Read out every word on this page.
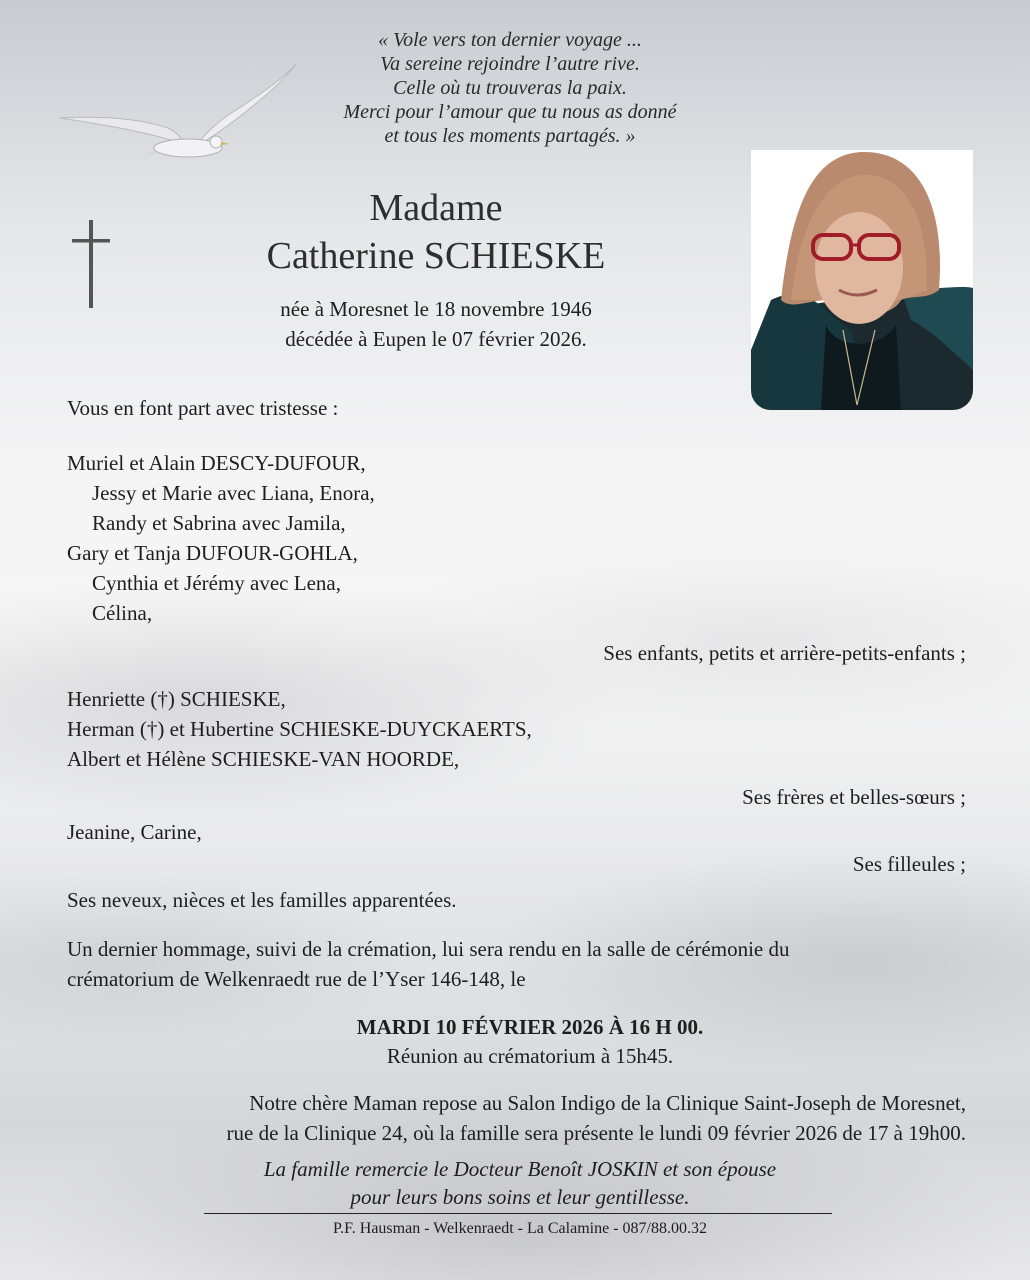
« Vole vers ton dernier voyage ...
Va sereine rejoindre l’autre rive.
Celle où tu trouveras la paix.
Merci pour l’amour que tu nous as donné
et tous les moments partagés. »
Madame
Catherine SCHIESKE
née à Moresnet le 18 novembre 1946
décédée à Eupen le 07 février 2026.
Vous en font part avec tristesse :
Muriel et Alain DESCY-DUFOUR,
Jessy et Marie avec Liana, Enora,
Randy et Sabrina avec Jamila,
Gary et Tanja DUFOUR-GOHLA,
Cynthia et Jérémy avec Lena,
Célina,
Ses enfants, petits et arrière-petits-enfants ;
Henriette (†) SCHIESKE,
Herman (†) et Hubertine SCHIESKE-DUYCKAERTS,
Albert et Hélène SCHIESKE-VAN HOORDE,
Ses frères et belles-sœurs ;
Jeanine, Carine,
Ses filleules ;
Ses neveux, nièces et les familles apparentées.
Un dernier hommage, suivi de la crémation, lui sera rendu en la salle de cérémonie du
crématorium de Welkenraedt rue de l’Yser 146-148, le
MARDI 10 FÉVRIER 2026 À 16 H 00.
Réunion au crématorium à 15h45.
Notre chère Maman repose au Salon Indigo de la Clinique Saint-Joseph de Moresnet,
rue de la Clinique 24, où la famille sera présente le lundi 09 février 2026 de 17 à 19h00.
La famille remercie le Docteur Benoît JOSKIN et son épouse
pour leurs bons soins et leur gentillesse.
P.F. Hausman - Welkenraedt - La Calamine - 087/88.00.32
